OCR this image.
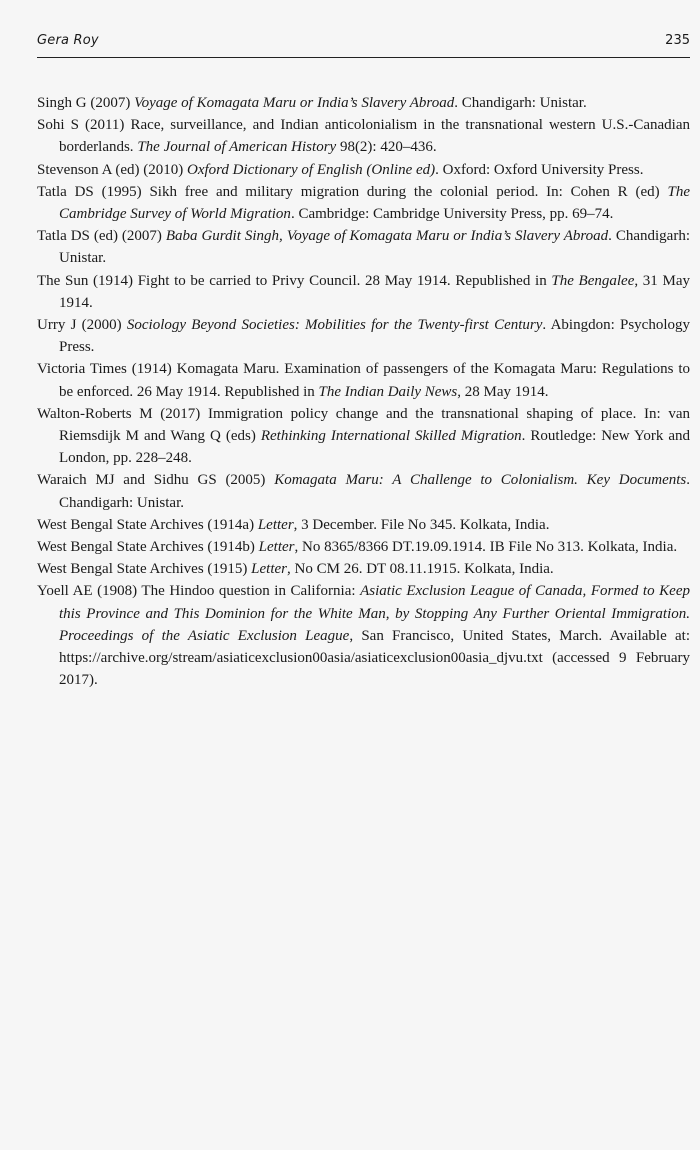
Gera Roy	235
Singh G (2007) Voyage of Komagata Maru or India’s Slavery Abroad. Chandigarh: Unistar.
Sohi S (2011) Race, surveillance, and Indian anticolonialism in the transnational western U.S.-Canadian borderlands. The Journal of American History 98(2): 420–436.
Stevenson A (ed) (2010) Oxford Dictionary of English (Online ed). Oxford: Oxford University Press.
Tatla DS (1995) Sikh free and military migration during the colonial period. In: Cohen R (ed) The Cambridge Survey of World Migration. Cambridge: Cambridge University Press, pp. 69–74.
Tatla DS (ed) (2007) Baba Gurdit Singh, Voyage of Komagata Maru or India’s Slavery Abroad. Chandigarh: Unistar.
The Sun (1914) Fight to be carried to Privy Council. 28 May 1914. Republished in The Bengalee, 31 May 1914.
Urry J (2000) Sociology Beyond Societies: Mobilities for the Twenty-first Century. Abingdon: Psychology Press.
Victoria Times (1914) Komagata Maru. Examination of passengers of the Komagata Maru: Regulations to be enforced. 26 May 1914. Republished in The Indian Daily News, 28 May 1914.
Walton-Roberts M (2017) Immigration policy change and the transnational shaping of place. In: van Riemsdijk M and Wang Q (eds) Rethinking International Skilled Migration. Routledge: New York and London, pp. 228–248.
Waraich MJ and Sidhu GS (2005) Komagata Maru: A Challenge to Colonialism. Key Documents. Chandigarh: Unistar.
West Bengal State Archives (1914a) Letter, 3 December. File No 345. Kolkata, India.
West Bengal State Archives (1914b) Letter, No 8365/8366 DT.19.09.1914. IB File No 313. Kolkata, India.
West Bengal State Archives (1915) Letter, No CM 26. DT 08.11.1915. Kolkata, India.
Yoell AE (1908) The Hindoo question in California: Asiatic Exclusion League of Canada, Formed to Keep this Province and This Dominion for the White Man, by Stopping Any Further Oriental Immigration. Proceedings of the Asiatic Exclusion League, San Francisco, United States, March. Available at: https://archive.org/stream/asiaticexclusion00asia/asiaticexclusion00asia_djvu.txt (accessed 9 February 2017).
